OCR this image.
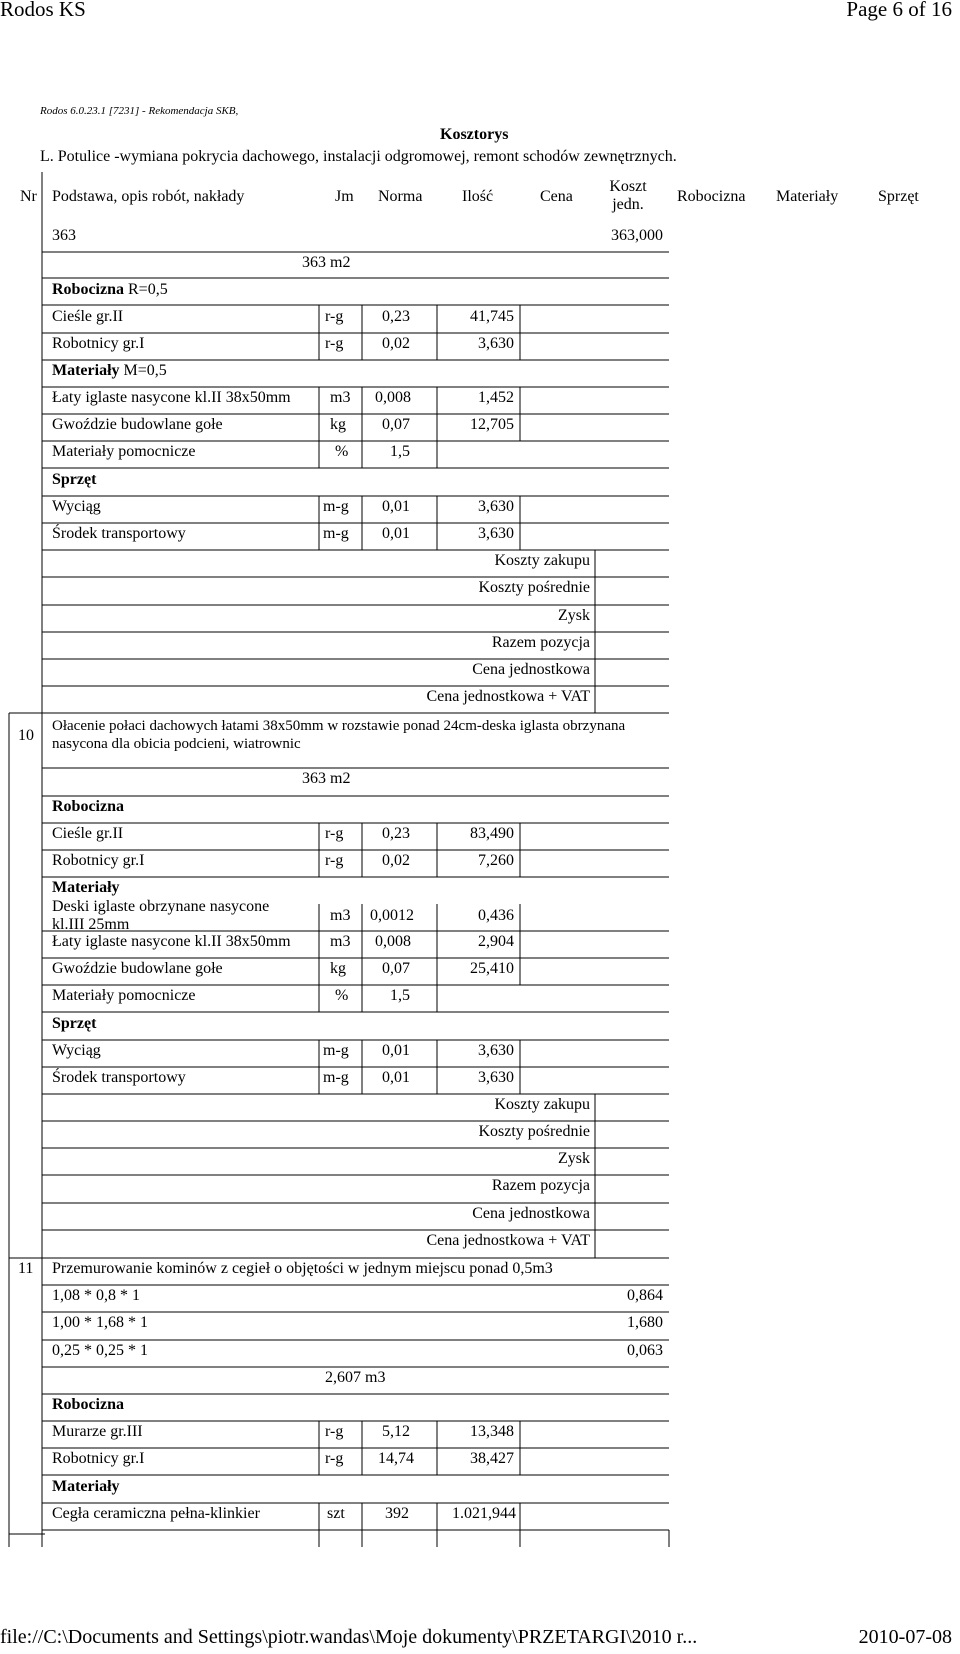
Rodos KS	Page 6 of 16
Rodos 6.0.23.1 [7231] - Rekomendacja SKB,
Kosztorys
L. Potulice -wymiana pokrycia dachowego, instalacji odgromowej, remont schodów zewnętrznych.
Nr Podstawa, opis robót, nakłady	Jm Norma Ilość	Cena
Koszt jedn.	Robocizna Materiały Sprzęt
363	363,000
363 m2
Robocizna R=0,5
Cieśle gr.II	r-g 0,23	41,745
Robotnicy gr.I	r-g 0,02	3,630
Materiały M=0,5
Łaty iglaste nasycone kl.II 38x50mm m3 0,008	1,452
Gwoździe budowlane gołe	kg 0,07	12,705
Materiały pomocnicze	%	1,5
Sprzęt
Wyciąg	m-g 0,01	3,630
Środek transportowy	m-g 0,01	3,630
Koszty zakupu
Koszty pośrednie
Zysk
Razem pozycja
Cena jednostkowa
Cena jednostkowa + VAT
10
Ołacenie połaci dachowych łatami 38x50mm w rozstawie ponad 24cm-deska iglasta obrzynana nasycona dla obicia podcieni, wiatrownic
363 m2
Robocizna
Cieśle gr.II	r-g 0,23	83,490
Robotnicy gr.I	r-g 0,02	7,260
Materiały
Deski iglaste obrzynane nasycone kl.III 25mm
m3 0,0012	0,436
Łaty iglaste nasycone kl.II 38x50mm m3 0,008	2,904
Gwoździe budowlane gołe	kg 0,07	25,410
Materiały pomocnicze	%	1,5
Sprzęt
Wyciąg	m-g 0,01	3,630
Środek transportowy	m-g 0,01	3,630
Koszty zakupu
Koszty pośrednie
Zysk
Razem pozycja
Cena jednostkowa
Cena jednostkowa + VAT
11 Przemurowanie kominów z cegieł o objętości w jednym miejscu ponad 0,5m3
1,08 * 0,8 * 1	0,864
1,00 * 1,68 * 1	1,680
0,25 * 0,25 * 1	0,063
2,607 m3
Robocizna
Murarze gr.III	r-g 5,12	13,348
Robotnicy gr.I	r-g 14,74	38,427
Materiały
Cegła ceramiczna pełna-klinkier	szt	392	1.021,944
file://C:\Documents and Settings\piotr.wandas\Moje dokumenty\PRZETARGI\2010 r...	2010-07-08
